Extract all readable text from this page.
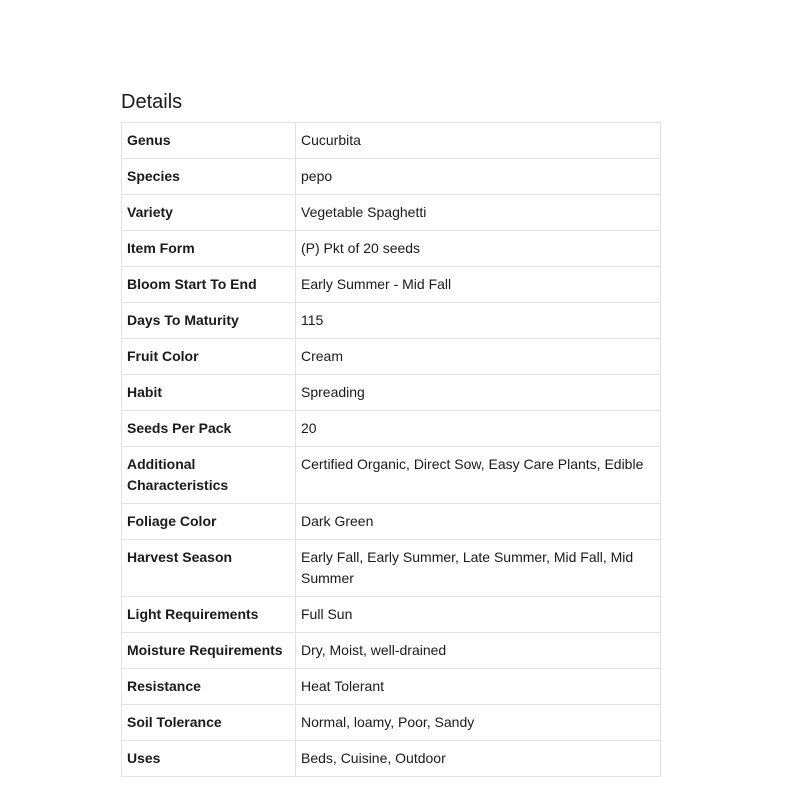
Details
Genus	Cucurbita
Species	pepo
Variety	Vegetable Spaghetti
Item Form	(P) Pkt of 20 seeds
Bloom Start To End	Early Summer - Mid Fall
Days To Maturity	115
Fruit Color	Cream
Habit	Spreading
Seeds Per Pack	20
Additional Characteristics	Certified Organic, Direct Sow, Easy Care Plants, Edible
Foliage Color	Dark Green
Harvest Season	Early Fall, Early Summer, Late Summer, Mid Fall, Mid Summer
Light Requirements	Full Sun
Moisture Requirements	Dry, Moist, well-drained
Resistance	Heat Tolerant
Soil Tolerance	Normal, loamy, Poor, Sandy
Uses	Beds, Cuisine, Outdoor
